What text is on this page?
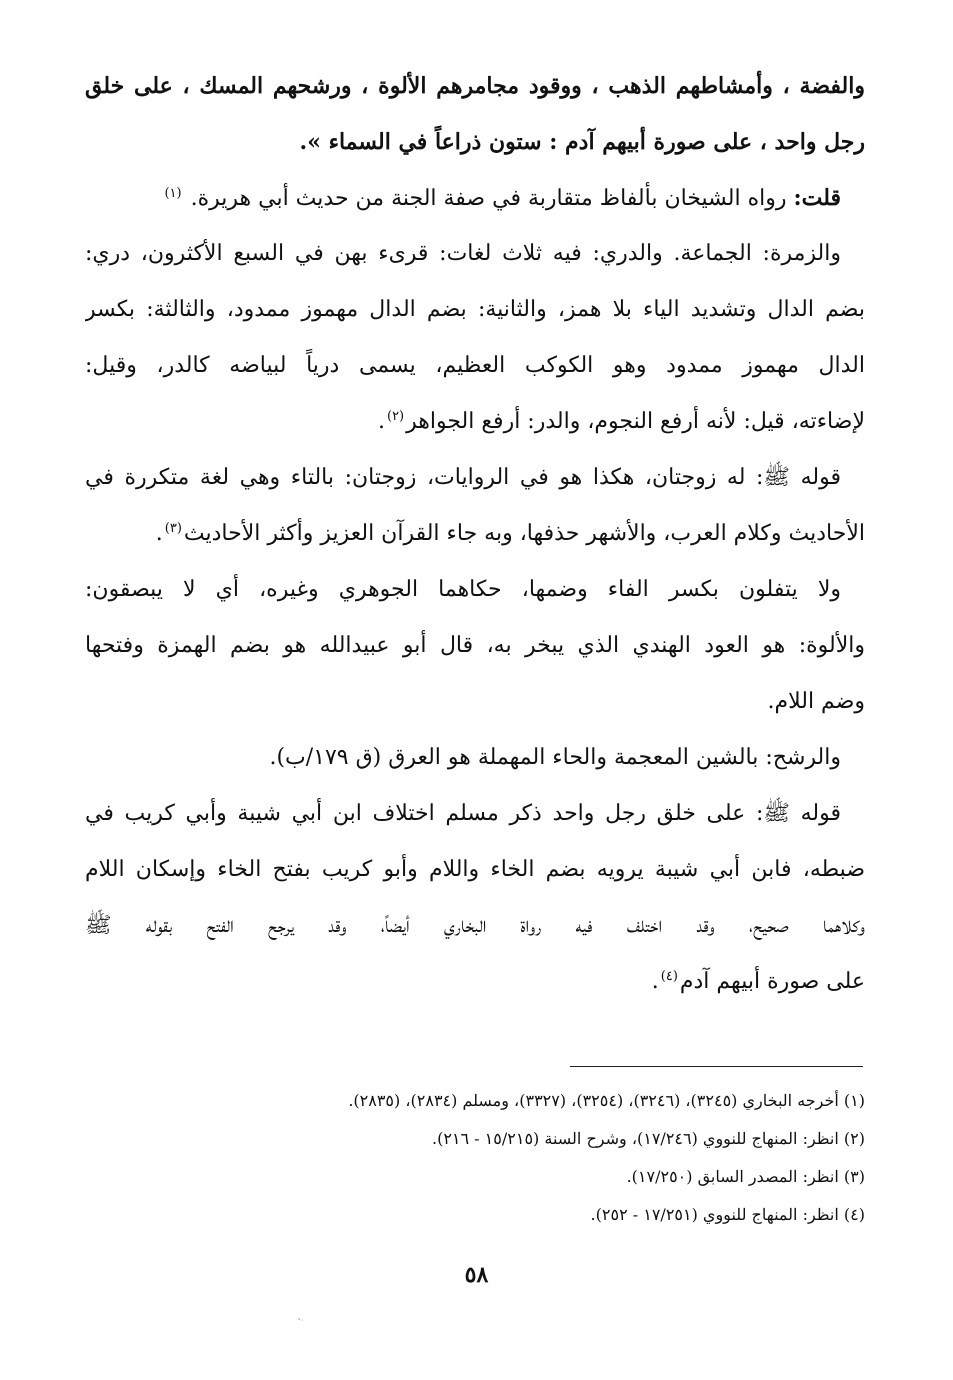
والفضة ، وأمشاطهم الذهب ، ووقود مجامرهم الألوة ، ورشحهم المسك ، على خلق
رجل واحد ، على صورة أبيهم آدم : ستون ذراعاً في السماء ».
قلت: رواه الشيخان بألفاظ متقاربة في صفة الجنة من حديث أبي هريرة. $^{(١)}$
والزمرة: الجماعة. والدري: فيه ثلاث لغات: قرىء بهن في السبع الأكثرون، دري:
بضم الدال وتشديد الياء بلا همز، والثانية: بضم الدال مهموز ممدود، والثالثة: بكسر
الدال مهموز ممدود وهو الكوكب العظيم، يسمى درياً لبياضه كالدر، وقيل:
لإضاءته، قيل: لأنه أرفع النجوم، والدر: أرفع الجواهر$^{(٢)}$.
قوله ﷺ: له زوجتان، هكذا هو في الروايات، زوجتان: بالتاء وهي لغة متكررة في
الأحاديث وكلام العرب، والأشهر حذفها، وبه جاء القرآن العزيز وأكثر الأحاديث$^{(٣)}$.
ولا يتفلون بكسر الفاء وضمها، حكاهما الجوهري وغيره، أي لا يبصقون:
والألوة: هو العود الهندي الذي يبخر به، قال أبو عبيدالله هو بضم الهمزة وفتحها
وضم اللام.
والرشح: بالشين المعجمة والحاء المهملة هو العرق (ق ١٧٩/ب).
قوله ﷺ: على خلق رجل واحد ذكر مسلم اختلاف ابن أبي شيبة وأبي كريب في
ضبطه، فابن أبي شيبة يرويه بضم الخاء واللام وأبو كريب بفتح الخاء وإسكان اللام
وكلاهما صحيح، وقد اختلف فيه رواة البخاري أيضاً، وقد يرجح الفتح بقوله ﷺ
على صورة أبيهم آدم$^{(٤)}$.
(١) أخرجه البخاري (٣٢٤٥)، (٣٢٤٦)، (٣٢٥٤)، (٣٣٢٧)، ومسلم (٢٨٣٤)، (٢٨٣٥).
(٢) انظر: المنهاج للنووي (١٧/٢٤٦)، وشرح السنة (١٥/٢١٥ - ٢١٦).
(٣) انظر: المصدر السابق (١٧/٢٥٠).
(٤) انظر: المنهاج للنووي (١٧/٢٥١ - ٢٥٢).
٥٨
